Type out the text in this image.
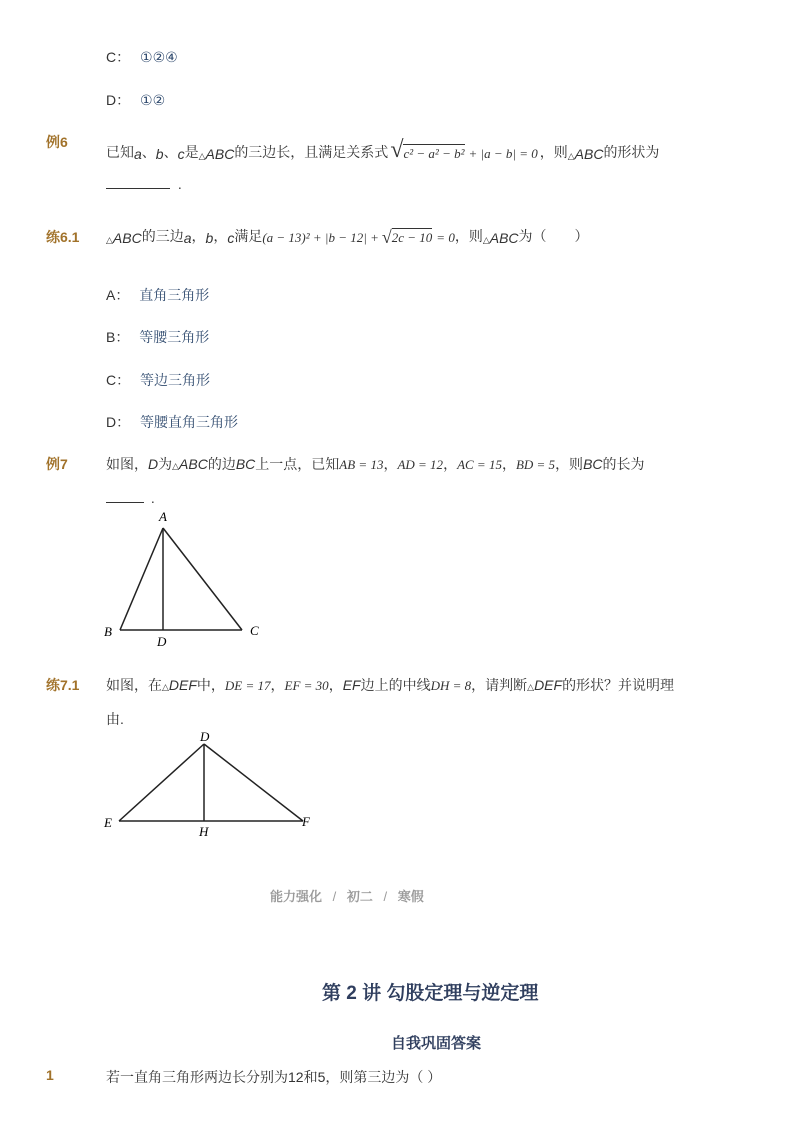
C： ①②④
D： ①②
例6
已知 a 、 b 、 c 是 △ ABC 的三边长，且满足关系式 √ c² − a² − b² + |a − b| = 0 ，则 △ ABC 的形状为
.
练6.1	△ ABC 的三边 a ， b ， c 满足 (a − 13)² + |b − 12| + √ 2c − 10 = 0 ，则 △ ABC 为（　　）
A： 直角三角形
B： 等腰三角形
C： 等边三角形
D： 等腰直角三角形
例7	如图，D为△ABC的边BC上一点，已知AB = 13，AD = 12，AC = 15，BD = 5，则BC的长为
.
A
B	C
D
练7.1 如图，在△DEF中，DE = 17，EF = 30，EF边上的中线DH = 8，请判断△DEF的形状？并说明理
由.
D
E
H
F
能力强化 / 初二 / 寒假
第 2 讲 勾股定理与逆定理
自我巩固答案
1	若一直角三角形两边长分别为12和5，则第三边为（ ）
